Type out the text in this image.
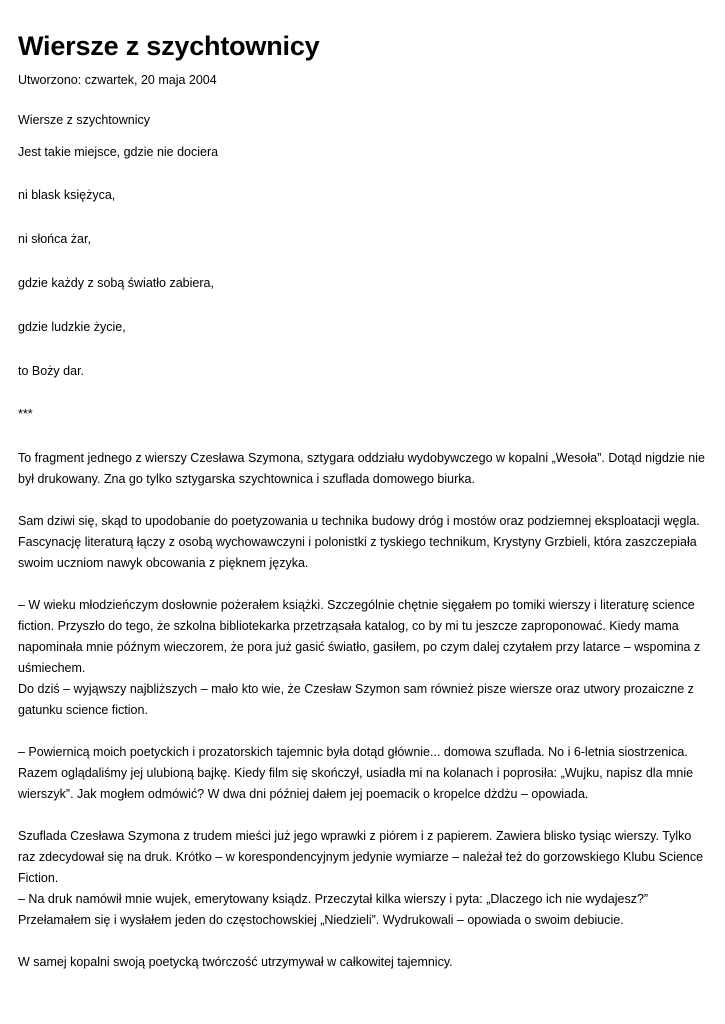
Wiersze z szychtownicy
Utworzono: czwartek, 20 maja 2004
Wiersze z szychtownicy
Jest takie miejsce, gdzie nie dociera
ni blask księżyca,
ni słońca żar,
gdzie każdy z sobą światło zabiera,
gdzie ludzkie życie,
to Boży dar.
***

To fragment jednego z wierszy Czesława Szymona, sztygara oddziału wydobywczego w kopalni „Wesoła”. Dotąd nigdzie nie był drukowany. Zna go tylko sztygarska szychtownica i szuflada domowego biurka.

Sam dziwi się, skąd to upodobanie do poetyzowania u technika budowy dróg i mostów oraz podziemnej eksploatacji węgla. Fascynację literaturą łączy z osobą wychowawczyni i polonistki z tyskiego technikum, Krystyny Grzbieli, która zaszczepiała swoim uczniom nawyk obcowania z pięknem języka.

– W wieku młodzieńczym dosłownie pożerałem książki. Szczególnie chętnie sięgałem po tomiki wierszy i literaturę science fiction. Przyszło do tego, że szkolna bibliotekarka przetrząsała katalog, co by mi tu jeszcze zaproponować. Kiedy mama napominała mnie późnym wieczorem, że pora już gasić światło, gasiłem, po czym dalej czytałem przy latarce – wspomina z uśmiechem.

Do dziś – wyjąwszy najbliższych – mało kto wie, że Czesław Szymon sam również pisze wiersze oraz utwory prozaiczne z gatunku science fiction.

– Powiernicą moich poetyckich i prozatorskich tajemnic była dotąd głównie... domowa szuflada. No i 6-letnia siostrzenica. Razem oglądaliśmy jej ulubioną bajkę. Kiedy film się skończył, usiadła mi na kolanach i poprosiła: „Wujku, napisz dla mnie wierszyk”. Jak mogłem odmówić? W dwa dni później dałem jej poemacik o kropelce dżdżu – opowiada.

Szuflada Czesława Szymona z trudem mieści już jego wprawki z piórem i z papierem. Zawiera blisko tysiąc wierszy. Tylko raz zdecydował się na druk. Krótko – w korespondencyjnym jedynie wymiarze – należał też do gorzowskiego Klubu Science Fiction.

– Na druk namówił mnie wujek, emerytowany ksiądz. Przeczytał kilka wierszy i pyta: „Dlaczego ich nie wydajesz?” Przełamałem się i wysłałem jeden do częstochowskiej „Niedzieli”. Wydrukowali – opowiada o swoim debiucie.

W samej kopalni swoją poetycką twórczość utrzymywał w całkowitej tajemnicy.
